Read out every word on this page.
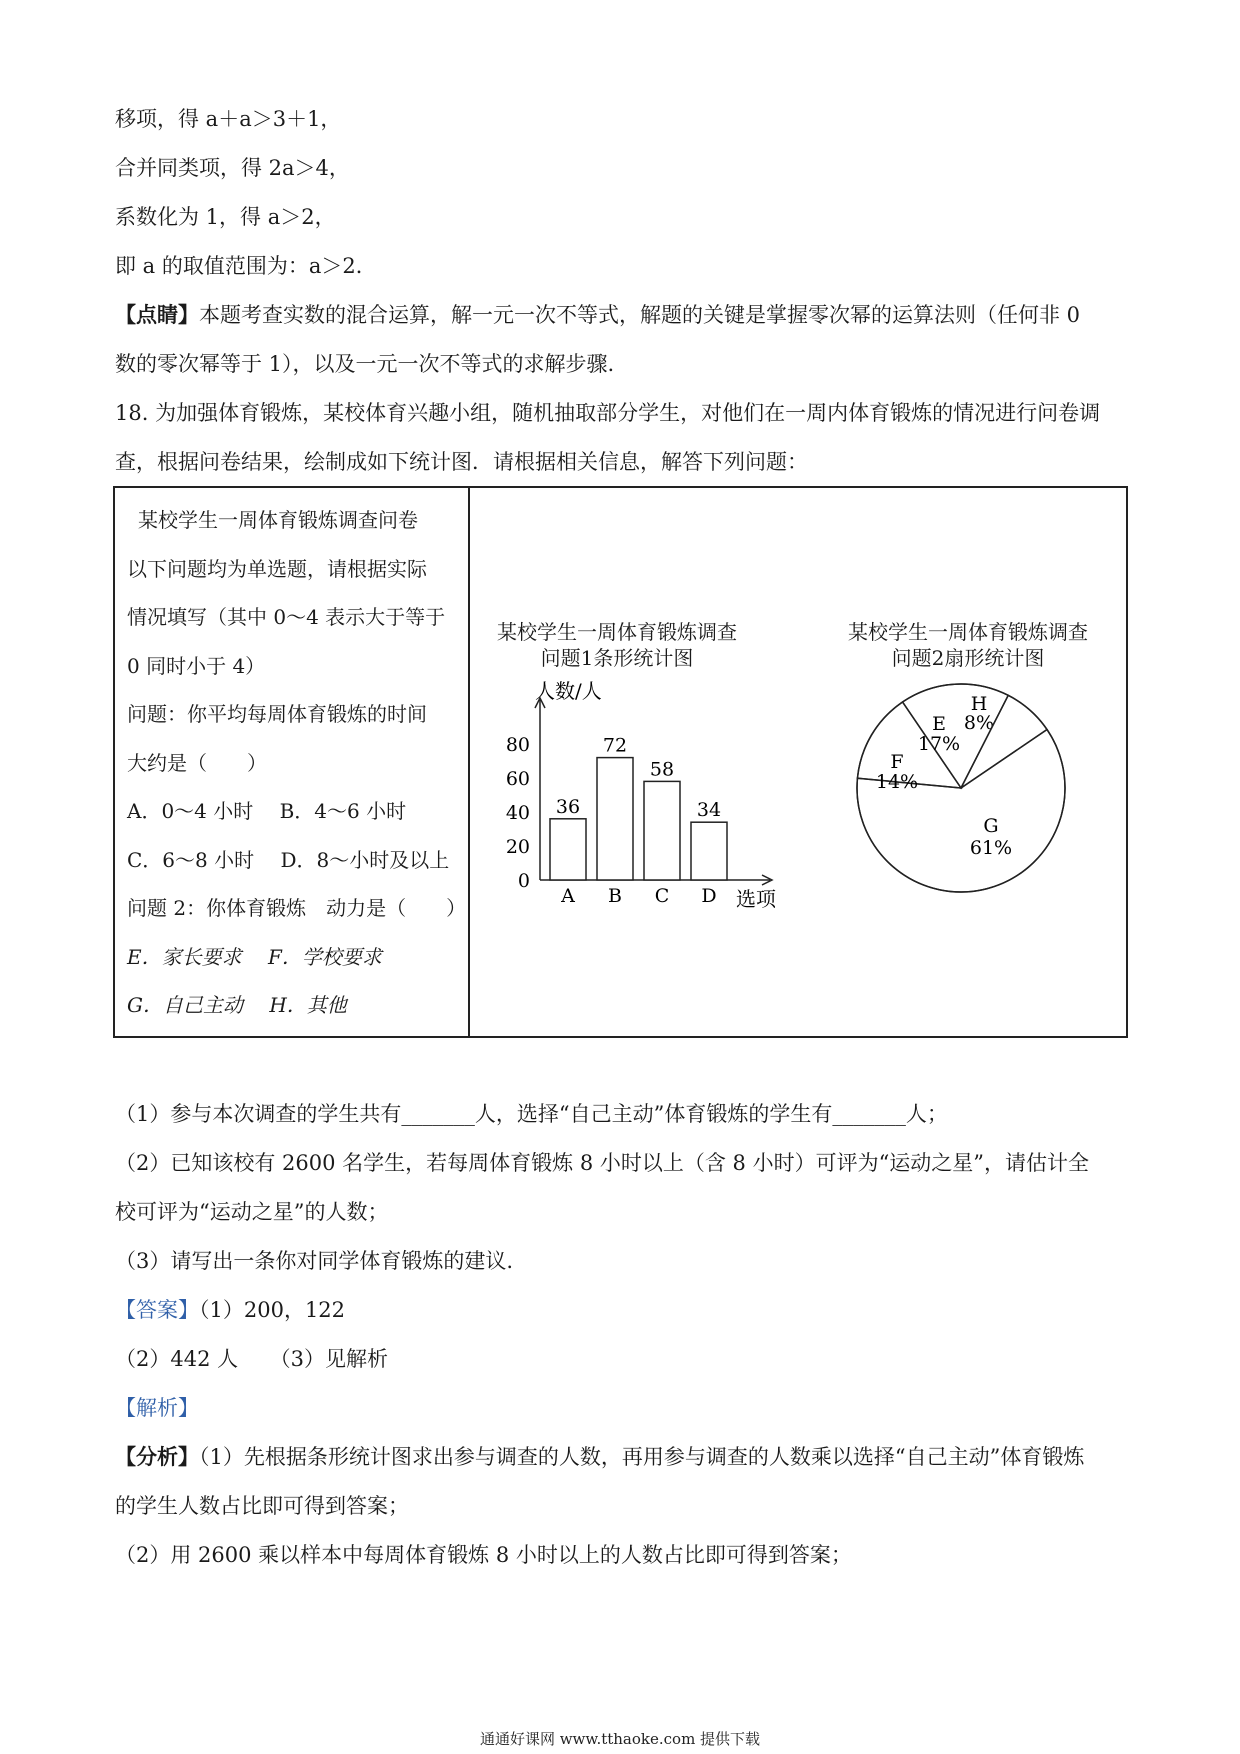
移项，得 a＋a＞3＋1，
合并同类项，得 2a＞4，
系数化为 1，得 a＞2，
即 a 的取值范围为：a＞2．
【点睛】本题考查实数的混合运算，解一元一次不等式，解题的关键是掌握零次幂的运算法则（任何非 0
数的零次幂等于 1），以及一元一次不等式的求解步骤.
18. 为加强体育锻炼，某校体育兴趣小组，随机抽取部分学生，对他们在一周内体育锻炼的情况进行问卷调
查，根据问卷结果，绘制成如下统计图．请根据相关信息，解答下列问题：
某校学生一周体育锻炼调查问卷
以下问题均为单选题，请根据实际
情况填写（其中 0～4 表示大于等于
0 同时小于 4）
问题：你平均每周体育锻炼的时间
大约是（　　）
A．0～4 小时　 B．4～6 小时
C．6～8 小时　 D．8～小时及以上
问题 2：你体育锻炼　动力是（　　）
E．家长要求　 F．学校要求
G．自己主动　 H．其他
某校学生一周体育锻炼调查
问题1条形统计图
某校学生一周体育锻炼调查
问题2扇形统计图
人数/人
选项
0
20
40
60
80
36
A
72
B
58
C
34
D
H
8%
G
61%
F
14%
E
17%
（1）参与本次调查的学生共有_______人，选择“自己主动”体育锻炼的学生有_______人；
（2）已知该校有 2600 名学生，若每周体育锻炼 8 小时以上（含 8 小时）可评为“运动之星”，请估计全
校可评为“运动之星”的人数；
（3）请写出一条你对同学体育锻炼的建议.
【答案】（1）200，122
（2）442 人　　（3）见解析
【解析】
【分析】（1）先根据条形统计图求出参与调查的人数，再用参与调查的人数乘以选择“自己主动”体育锻炼
的学生人数占比即可得到答案；
（2）用 2600 乘以样本中每周体育锻炼 8 小时以上的人数占比即可得到答案；
通通好课网 www.tthaoke.com 提供下载
